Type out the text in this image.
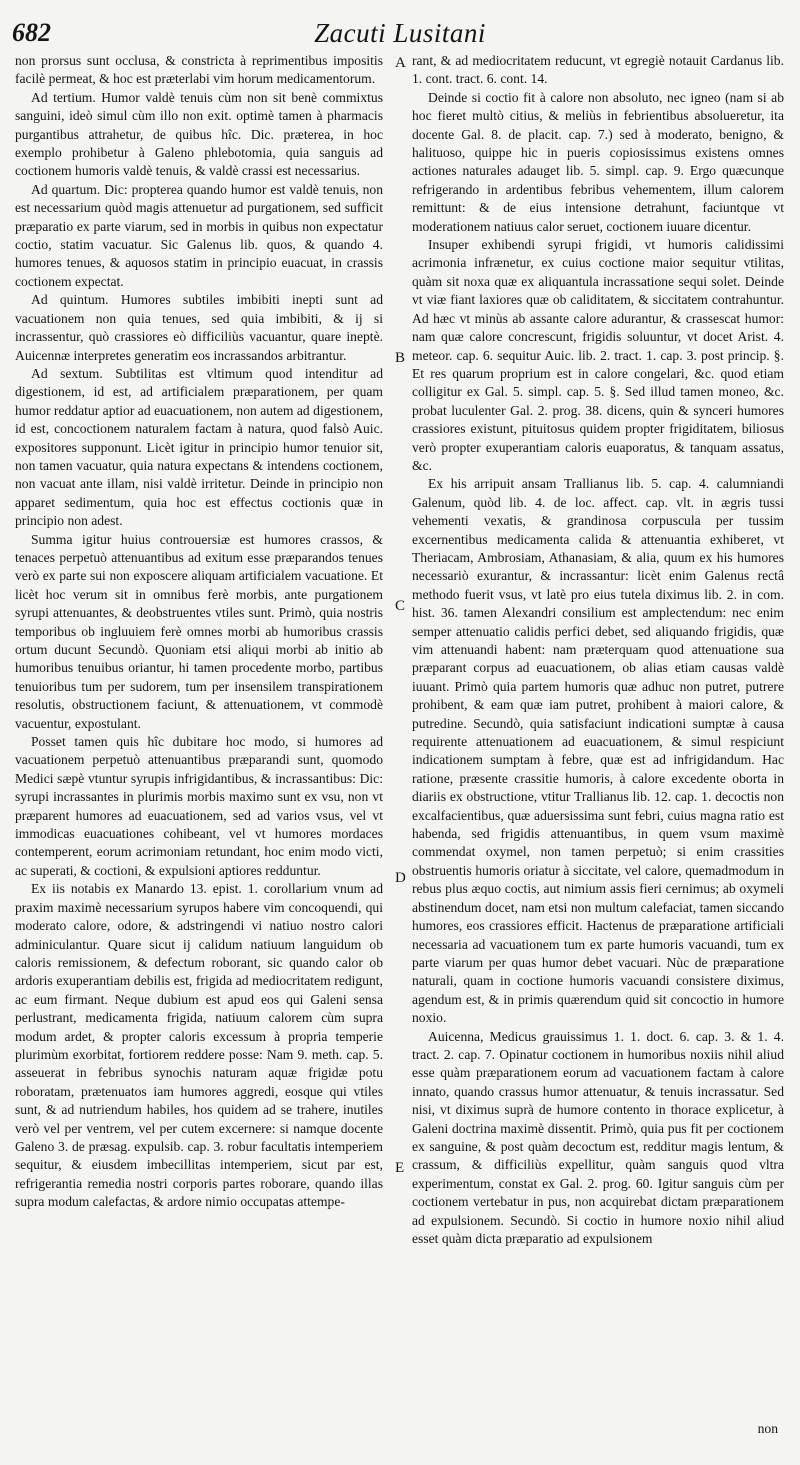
682	Zacuti Lusitani

non prorsus sunt occlusa, & constricta à reprimentibus impositis facilè permeat, & hoc est præterlabi vim horum medicamentorum.

Ad tertium. Humor valdè tenuis cùm non sit benè commixtus sanguini, ideò simul cùm illo non exit. optimè tamen à pharmacis purgantibus attrahetur, de quibus hîc. Dic. præterea, in hoc exemplo prohibetur à Galeno phlebotomia, quia sanguis ad coctionem humoris valdè tenuis, & valdè crassi est necessarius.

Ad quartum. Dic: propterea quando humor est valdè tenuis, non est necessarium quòd magis attenuetur ad purgationem, sed sufficit præparatio ex parte viarum, sed in morbis in quibus non expectatur coctio, statim vacuatur. Sic Galenus lib. quos, & quando 4. humores tenues, & aquosos statim in principio euacuat, in crassis coctionem expectat.

Ad quintum. Humores subtiles imbibiti inepti sunt ad vacuationem non quia tenues, sed quia imbibiti, & ij si incrassentur, quò crassiores eò difficiliùs vacuantur, quare ineptè. Auicennæ interpretes generatim eos incrassandos arbitrantur.

Ad sextum. Subtilitas est vltimum quod intenditur ad digestionem, id est, ad artificialem præparationem, per quam humor reddatur aptior ad euacuationem, non autem ad digestionem, id est, concoctionem naturalem factam à natura, quod falsò Auic. expositores supponunt. Licèt igitur in principio humor tenuior sit, non tamen vacuatur, quia natura expectans & intendens coctionem, non vacuat ante illam, nisi valdè irritetur. Deinde in principio non apparet sedimentum, quia hoc est effectus coctionis quæ in principio non adest.

Summa igitur huius controuersiæ est humores crassos, & tenaces perpetuò attenuantibus ad exitum esse præparandos tenues verò ex parte sui non exposcere aliquam artificialem vacuatione. Et licèt hoc verum sit in omnibus ferè morbis, ante purgationem syrupi attenuantes, & deobstruentes vtiles sunt. Primò, quia nostris temporibus ob ingluuiem ferè omnes morbi ab humoribus crassis ortum ducunt Secundò. Quoniam etsi aliqui morbi ab initio ab humoribus tenuibus oriantur, hi tamen procedente morbo, partibus tenuioribus tum per sudorem, tum per insensilem transpirationem resolutis, obstructionem faciunt, & attenuationem, vt commodè vacuentur, expostulant.

Posset tamen quis hîc dubitare hoc modo, si humores ad vacuationem perpetuò attenuantibus præparandi sunt, quomodo Medici sæpè vtuntur syrupis infrigidantibus, & incrassantibus: Dic: syrupi incrassantes in plurimis morbis maximo sunt ex vsu, non vt præparent humores ad euacuationem, sed ad varios vsus, vel vt immodicas euacuationes cohibeant, vel vt humores mordaces contemperent, eorum acrimoniam retundant, hoc enim modo victi, ac superati, & coctioni, & expulsioni aptiores redduntur.

Ex iis notabis ex Manardo 13. epist. 1. corollarium vnum ad praxim maximè necessarium syrupos habere vim concoquendi, qui moderato calore, odore, & adstringendi vi natiuo nostro calori adminiculantur. Quare sicut ij calidum natiuum languidum ob caloris remissionem, & defectum roborant, sic quando calor ob ardoris exuperantiam debilis est, frigida ad mediocritatem redigunt, ac eum firmant. Neque dubium est apud eos qui Galeni sensa perlustrant, medicamenta frigida, natiuum calorem cùm supra modum ardet, & propter caloris excessum à propria temperie plurimùm exorbitat, fortiorem reddere posse: Nam 9. meth. cap. 5. asseuerat in febribus synochis naturam aquæ frigidæ potu roboratam, prætenuatos iam humores aggredi, eosque qui vtiles sunt, & ad nutriendum habiles, hos quidem ad se trahere, inutiles verò vel per ventrem, vel per cutem excernere: si namque docente Galeno 3. de præsag. expulsib. cap. 3. robur facultatis intemperiem sequitur, & eiusdem imbecillitas intemperiem, sicut par est, refrigerantia remedia nostri corporis partes roborare, quando illas supra modum calefactas, & ardore nimio occupatas attempe-

A
B
C
D
E

rant, & ad mediocritatem reducunt, vt egregiè notauit Cardanus lib. 1. cont. tract. 6. cont. 14.

Deinde si coctio fit à calore non absoluto, nec igneo (nam si ab hoc fieret multò citius, & meliùs in febrientibus absolueretur, ita docente Gal. 8. de placit. cap. 7.) sed à moderato, benigno, & halituoso, quippe hic in pueris copiosissimus existens omnes actiones naturales adauget lib. 5. simpl. cap. 9. Ergo quæcunque refrigerando in ardentibus febribus vehementem, illum calorem remittunt: & de eius intensione detrahunt, faciuntque vt moderationem natiuus calor seruet, coctionem iuuare dicentur.

Insuper exhibendi syrupi frigidi, vt humoris calidissimi acrimonia infrænetur, ex cuius coctione maior sequitur vtilitas, quàm sit noxa quæ ex aliquantula incrassatione sequi solet. Deinde vt viæ fiant laxiores quæ ob caliditatem, & siccitatem contrahuntur. Ad hæc vt minùs ab assante calore adurantur, & crassescat humor: nam quæ calore concrescunt, frigidis soluuntur, vt docet Arist. 4. meteor. cap. 6. sequitur Auic. lib. 2. tract. 1. cap. 3. post princip. §. Et res quarum proprium est in calore congelari, &c. quod etiam colligitur ex Gal. 5. simpl. cap. 5. §. Sed illud tamen moneo, &c. probat luculenter Gal. 2. prog. 38. dicens, quin & synceri humores crassiores existunt, pituitosus quidem propter frigiditatem, biliosus verò propter exuperantiam caloris euaporatus, & tanquam assatus, &c.

Ex his arripuit ansam Trallianus lib. 5. cap. 4. calumniandi Galenum, quòd lib. 4. de loc. affect. cap. vlt. in ægris tussi vehementi vexatis, & grandinosa corpuscula per tussim excernentibus medicamenta calida & attenuantia exhiberet, vt Theriacam, Ambrosiam, Athanasiam, & alia, quum ex his humores necessariò exurantur, & incrassantur: licèt enim Galenus rectâ methodo fuerit vsus, vt latè pro eius tutela diximus lib. 2. in com. hist. 36. tamen Alexandri consilium est amplectendum: nec enim semper attenuatio calidis perfici debet, sed aliquando frigidis, quæ vim attenuandi habent: nam præterquam quod attenuatione sua præparant corpus ad euacuationem, ob alias etiam causas valdè iuuant. Primò quia partem humoris quæ adhuc non putret, putrere prohibent, & eam quæ iam putret, prohibent à maiori calore, & putredine. Secundò, quia satisfaciunt indicationi sumptæ à causa requirente attenuationem ad euacuationem, & simul respiciunt indicationem sumptam à febre, quæ est ad infrigidandum. Hac ratione, præsente crassitie humoris, à calore excedente oborta in diariis ex obstructione, vtitur Trallianus lib. 12. cap. 1. decoctis non excalfacientibus, quæ aduersissima sunt febri, cuius magna ratio est habenda, sed frigidis attenuantibus, in quem vsum maximè commendat oxymel, non tamen perpetuò; si enim crassities obstruentis humoris oriatur à siccitate, vel calore, quemadmodum in rebus plus æquo coctis, aut nimium assis fieri cernimus; ab oxymeli abstinendum docet, nam etsi non multum calefaciat, tamen siccando humores, eos crassiores efficit. Hactenus de præparatione artificiali necessaria ad vacuationem tum ex parte humoris vacuandi, tum ex parte viarum per quas humor debet vacuari. Nùc de præparatione naturali, quam in coctione humoris vacuandi consistere diximus, agendum est, & in primis quærendum quid sit concoctio in humore noxio.

Auicenna, Medicus grauissimus 1. 1. doct. 6. cap. 3. & 1. 4. tract. 2. cap. 7. Opinatur coctionem in humoribus noxiis nihil aliud esse quàm præparationem eorum ad vacuationem factam à calore innato, quando crassus humor attenuatur, & tenuis incrassatur. Sed nisi, vt diximus suprà de humore contento in thorace explicetur, à Galeni doctrina maximè dissentit. Primò, quia pus fit per coctionem ex sanguine, & post quàm decoctum est, redditur magis lentum, & crassum, & difficiliùs expellitur, quàm sanguis quod vltra experimentum, constat ex Gal. 2. prog. 60. Igitur sanguis cùm per coctionem vertebatur in pus, non acquirebat dictam præparationem ad expulsionem. Secundò. Si coctio in humore noxio nihil aliud esset quàm dicta præparatio ad expulsionem

non
